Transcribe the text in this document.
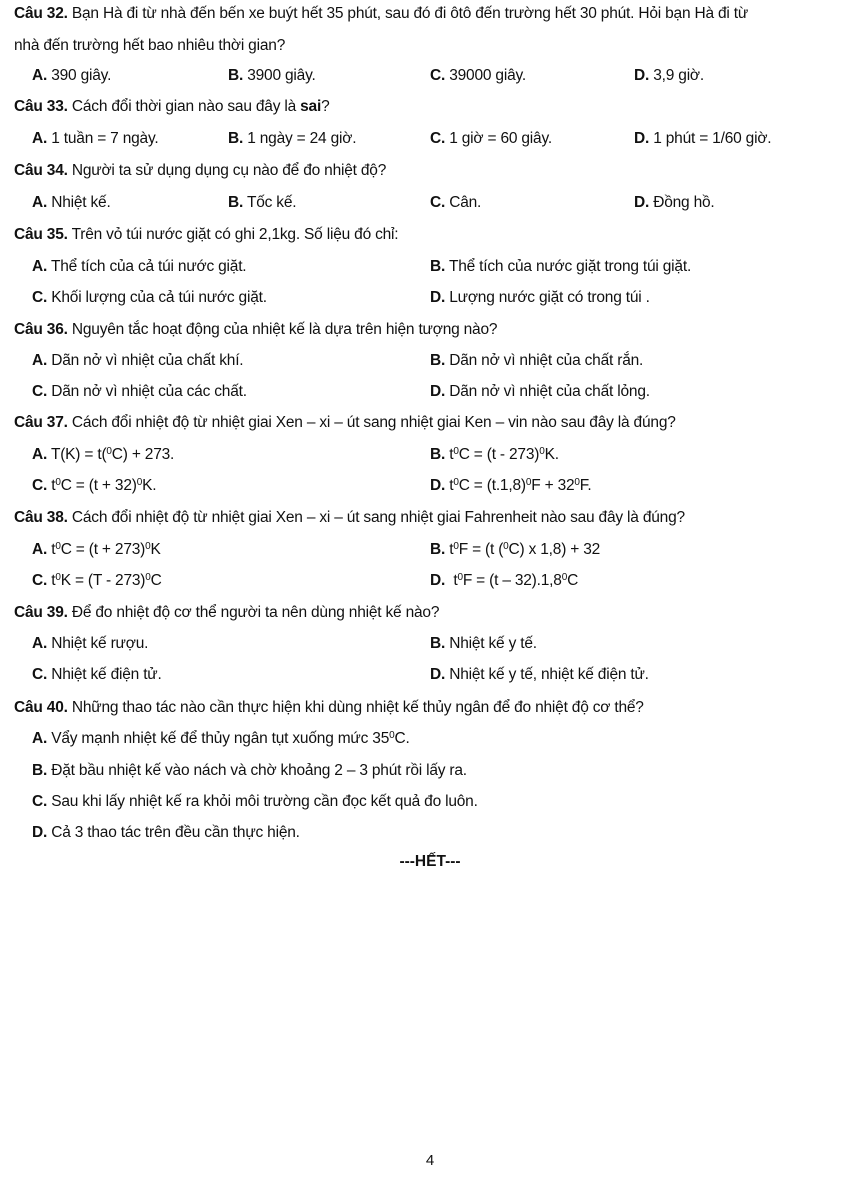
Câu 32. Bạn Hà đi từ nhà đến bến xe buýt hết 35 phút, sau đó đi ôtô đến trường hết 30 phút. Hỏi bạn Hà đi từ
nhà đến trường hết bao nhiêu thời gian?
A. 390 giây.	B. 3900 giây.	C. 39000 giây.	D. 3,9 giờ.
Câu 33. Cách đổi thời gian nào sau đây là sai?
A. 1 tuần = 7 ngày.	B. 1 ngày = 24 giờ.	C. 1 giờ = 60 giây.	D. 1 phút = 1/60 giờ.
Câu 34. Người ta sử dụng dụng cụ nào để đo nhiệt độ?
A. Nhiệt kế.	B. Tốc kế.	C. Cân.	D. Đồng hồ.
Câu 35. Trên vỏ túi nước giặt có ghi 2,1kg. Số liệu đó chỉ:
A. Thể tích của cả túi nước giặt.	B. Thể tích của nước giặt trong túi giặt.
C. Khối lượng của cả túi nước giặt.	D. Lượng nước giặt có trong túi .
Câu 36. Nguyên tắc hoạt động của nhiệt kế là dựa trên hiện tượng nào?
A. Dãn nở vì nhiệt của chất khí.	B. Dãn nở vì nhiệt của chất rắn.
C. Dãn nở vì nhiệt của các chất.	D. Dãn nở vì nhiệt của chất lỏng.
Câu 37. Cách đổi nhiệt độ từ nhiệt giai Xen – xi – út sang nhiệt giai Ken – vin nào sau đây là đúng?
A. T(K) = t($^0$C) + 273.	B. $t^0C = (t - 273)^0K$.
C. $t^0C = (t + 32)^0K$.	D. $t^0C = (t.1,8)^0F + 32^0F$.
Câu 38. Cách đổi nhiệt độ từ nhiệt giai Xen – xi – út sang nhiệt giai Fahrenheit nào sau đây là đúng?
A. $t^0C = (t + 273)^0K$	B. $t^0F = (t$ ($^0$C) x 1,8) + 32
C. $t^0K = (T - 273)^0C$	D. $t^0F = (t - 32).1,8^0C$
Câu 39. Để đo nhiệt độ cơ thể người ta nên dùng nhiệt kế nào?
A. Nhiệt kế rượu.	B. Nhiệt kế y tế.
C. Nhiệt kế điện tử.	D. Nhiệt kế y tế, nhiệt kế điện tử.
Câu 40. Những thao tác nào cần thực hiện khi dùng nhiệt kế thủy ngân để đo nhiệt độ cơ thể?
A. Vẩy mạnh nhiệt kế để thủy ngân tụt xuống mức $35^0C$.
B. Đặt bầu nhiệt kế vào nách và chờ khoảng 2 – 3 phút rồi lấy ra.
C. Sau khi lấy nhiệt kế ra khỏi môi trường cần đọc kết quả đo luôn.
D. Cả 3 thao tác trên đều cần thực hiện.
---HẾT---
4
